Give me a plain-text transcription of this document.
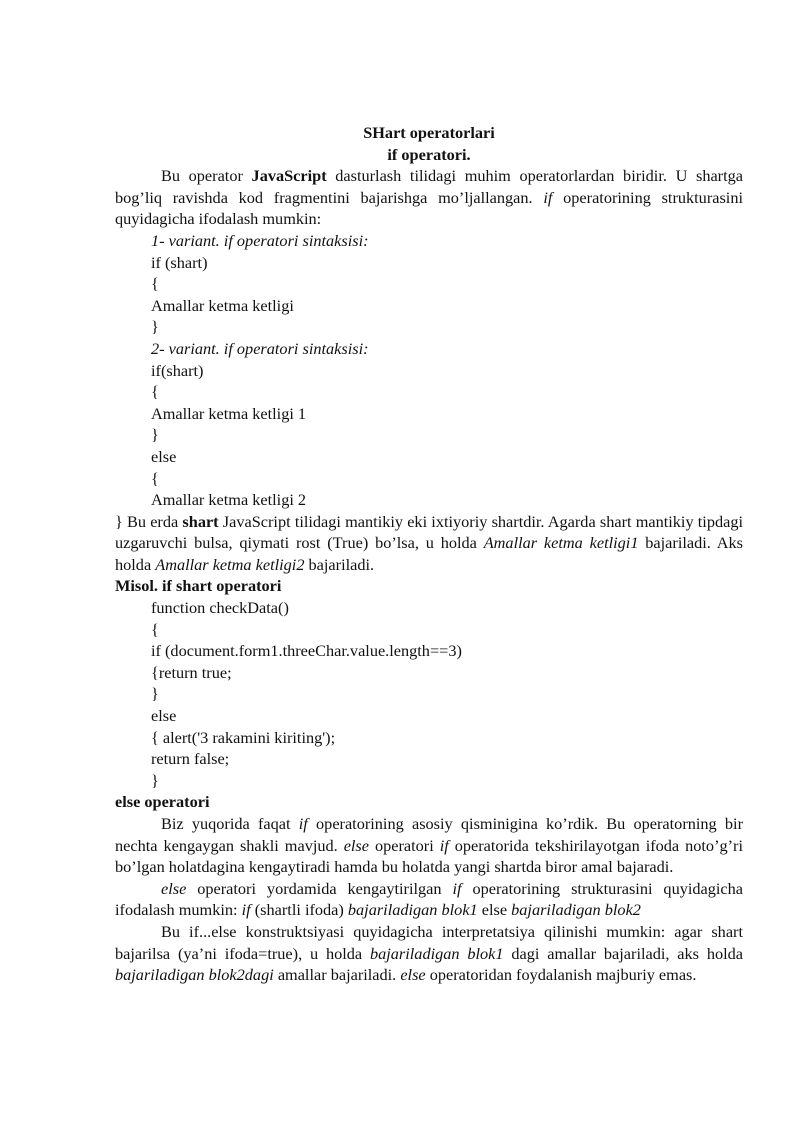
SHart operatorlari

if operatori.

Bu operator JavaScript dasturlash tilidagi muhim operatorlardan biridir. U shartga bog’liq ravishda kod fragmentini bajarishga mo’ljallangan. if operatorining strukturasini quyidagicha ifodalash mumkin:

1- variant. if operatori sintaksisi:

if (shart)

{

Amallar ketma ketligi

}

2- variant. if operatori sintaksisi:

if(shart)

{

Amallar ketma ketligi 1

}

else

{

Amallar ketma ketligi 2

} Bu erda shart JavaScript tilidagi mantikiy eki ixtiyoriy shartdir. Agarda shart mantikiy tipdagi uzgaruvchi bulsa, qiymati rost (True) bo’lsa, u holda Amallar ketma ketligi1 bajariladi. Aks holda Amallar ketma ketligi2 bajariladi.

Misol. if shart operatori

function checkData()

{

if (document.form1.threeChar.value.length==3)

{return true;

}

else

{ alert('3 rakamini kiriting');

return false;

}

else operatori

Biz yuqorida faqat if operatorining asosiy qisminigina ko’rdik. Bu operatorning bir nechta kengaygan shakli mavjud. else operatori if operatorida tekshirilayotgan ifoda noto’g’ri bo’lgan holatdagina kengaytiradi hamda bu holatda yangi shartda biror amal bajaradi.

else operatori yordamida kengaytirilgan if operatorining strukturasini quyidagicha ifodalash mumkin: if (shartli ifoda) bajariladigan blok1 else bajariladigan blok2

Bu if...else konstruktsiyasi quyidagicha interpretatsiya qilinishi mumkin: agar shart bajarilsa (ya’ni ifoda=true), u holda bajariladigan blok1 dagi amallar bajariladi, aks holda bajariladigan blok2dagi amallar bajariladi. else operatoridan foydalanish majburiy emas.
